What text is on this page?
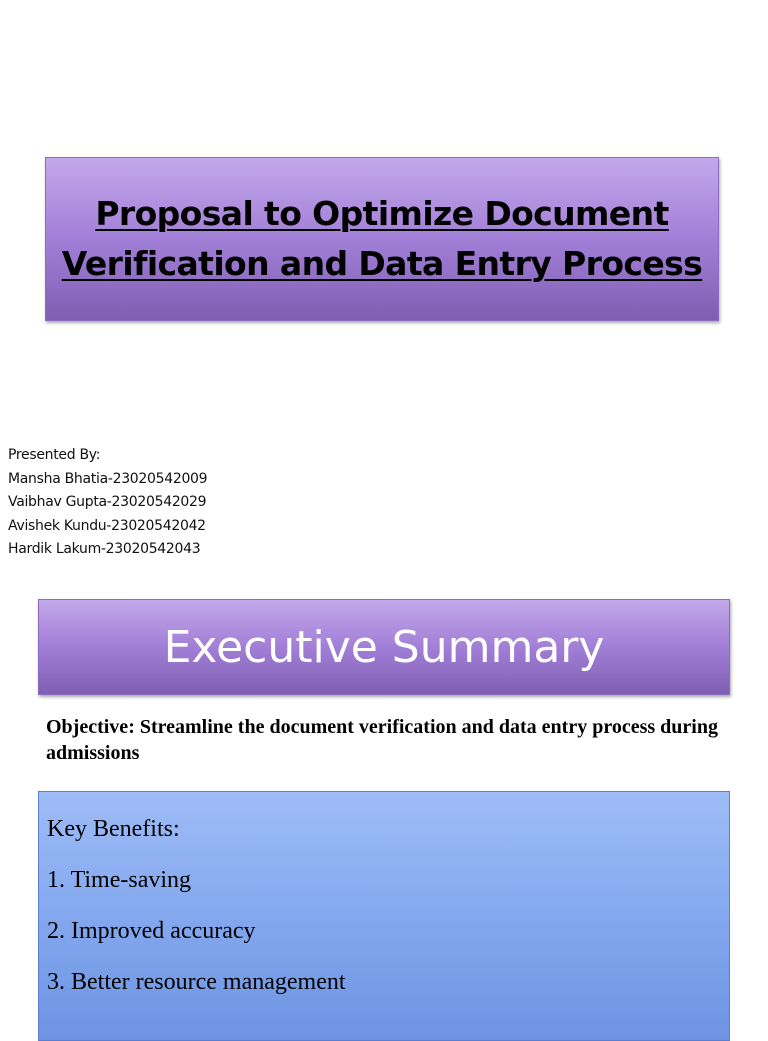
Proposal to Optimize Document
Verification and Data Entry Process
Presented By:
Mansha Bhatia-23020542009
Vaibhav Gupta-23020542029
Avishek Kundu-23020542042
Hardik Lakum-23020542043
Executive Summary
Objective: Streamline the document verification and data entry process during admissions
Key Benefits:
1. Time-saving
2. Improved accuracy
3. Better resource management
